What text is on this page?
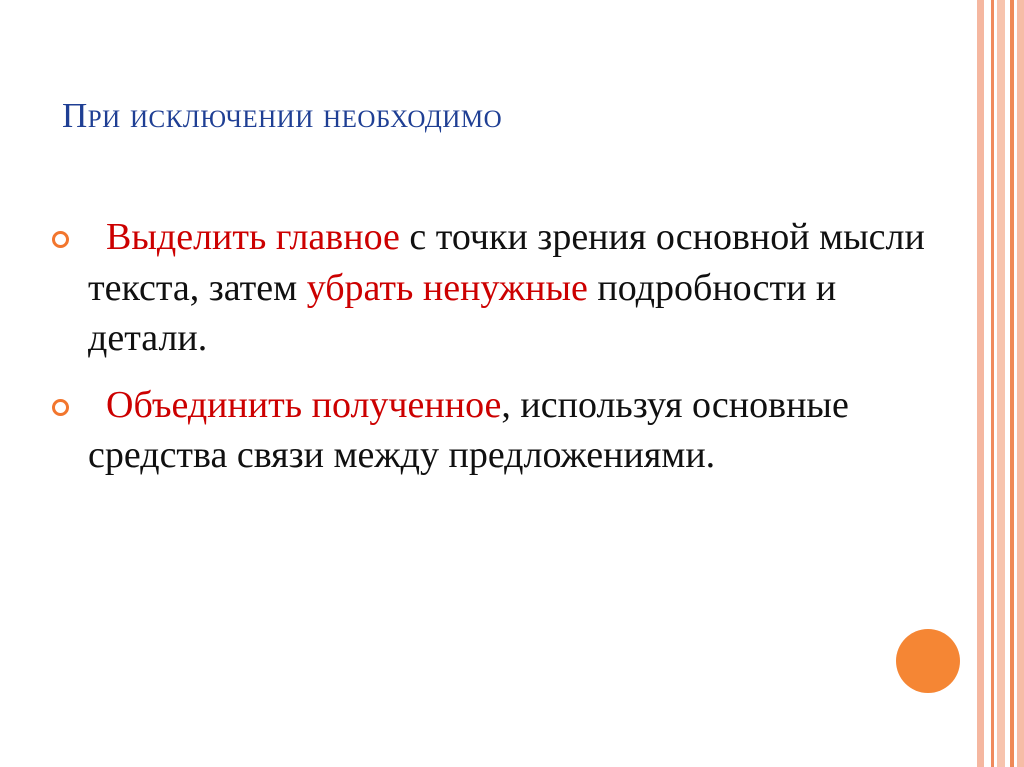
При исключении необходимо
Выделить главное с точки зрения основной мысли текста, затем убрать ненужные подробности и детали.
Объединить полученное, используя основные средства связи между предложениями.
